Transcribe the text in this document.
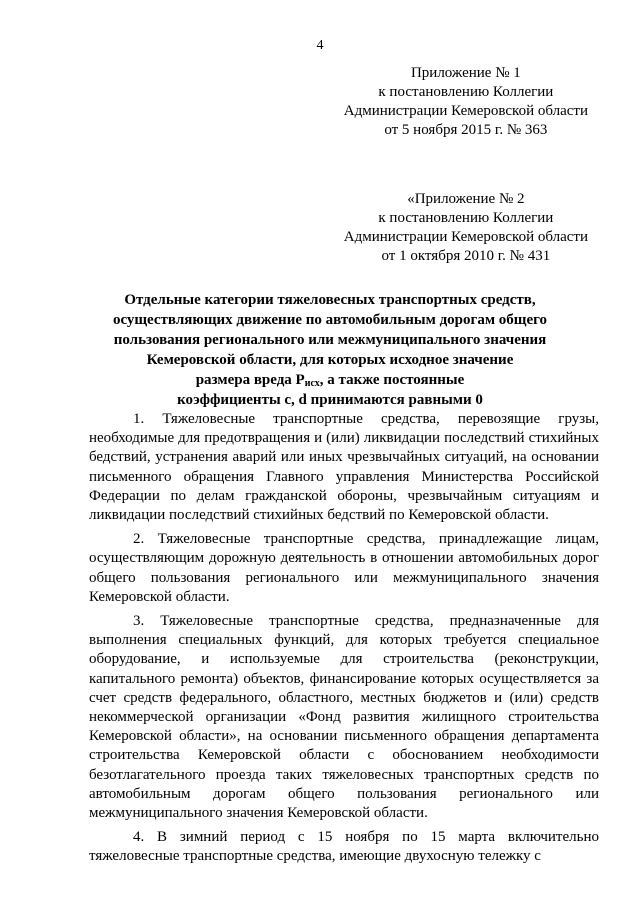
4
Приложение № 1
к постановлению Коллегии
Администрации Кемеровской области
от 5 ноября 2015 г. № 363
«Приложение № 2
к постановлению Коллегии
Администрации Кемеровской области
от 1 октября 2010 г. № 431
Отдельные категории тяжеловесных транспортных средств,
осуществляющих движение по автомобильным дорогам общего
пользования регионального или межмуниципального значения
Кемеровской области, для которых исходное значение
размера вреда $Р_{исх}$, а также постоянные
коэффициенты с, d принимаются равными 0

1. Тяжеловесные транспортные средства, перевозящие грузы, необходимые для предотвращения и (или) ликвидации последствий стихийных бедствий, устранения аварий или иных чрезвычайных ситуаций, на основании письменного обращения Главного управления Министерства Российской Федерации по делам гражданской обороны, чрезвычайным ситуациям и ликвидации последствий стихийных бедствий по Кемеровской области.

2. Тяжеловесные транспортные средства, принадлежащие лицам, осуществляющим дорожную деятельность в отношении автомобильных дорог общего пользования регионального или межмуниципального значения Кемеровской области.

3. Тяжеловесные транспортные средства, предназначенные для выполнения специальных функций, для которых требуется специальное оборудование, и используемые для строительства (реконструкции, капитального ремонта) объектов, финансирование которых осуществляется за счет средств федерального, областного, местных бюджетов и (или) средств некоммерческой организации «Фонд развития жилищного строительства Кемеровской области», на основании письменного обращения департамента строительства Кемеровской области с обоснованием необходимости безотлагательного проезда таких тяжеловесных транспортных средств по автомобильным дорогам общего пользования регионального или межмуниципального значения Кемеровской области.

4. В зимний период с 15 ноября по 15 марта включительно тяжеловесные транспортные средства, имеющие двухосную тележку с
